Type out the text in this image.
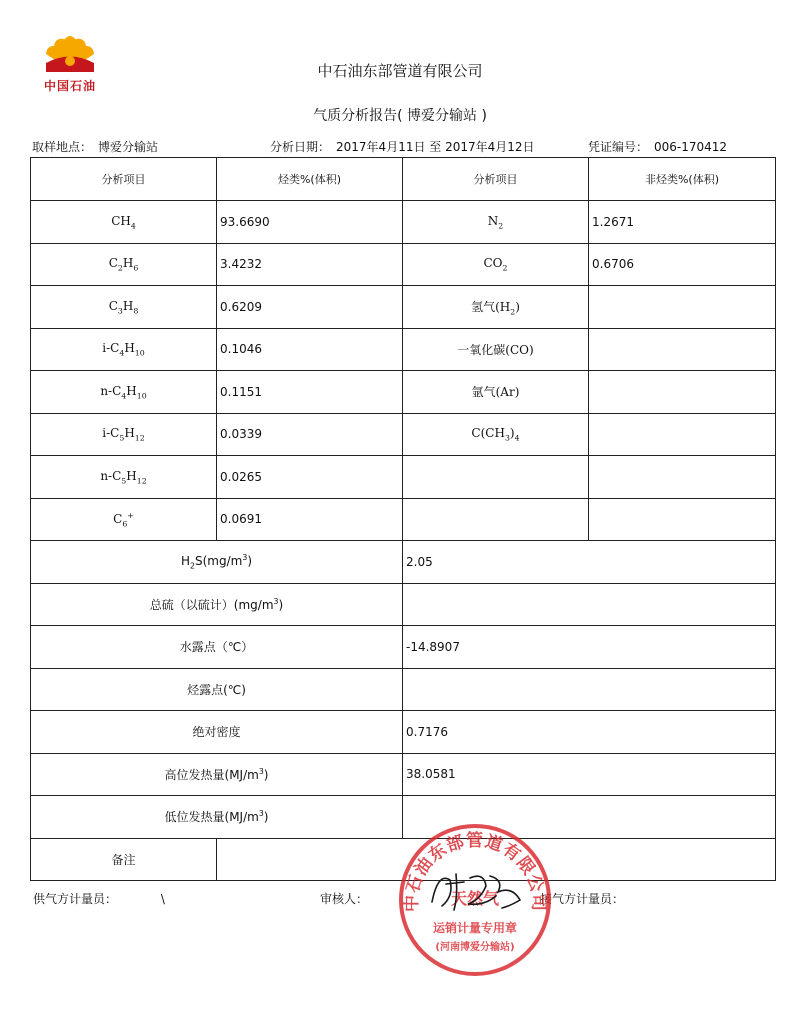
中国石油
中石油东部管道有限公司
气质分析报告( 博爱分输站 )
取样地点： 博爱分输站	分析日期： 2017年4月11日 至 2017年4月12日	凭证编号： 006-170412
分析项目	烃类%(体积)	分析项目	非烃类%(体积)
$CH_4$	93.6690	$N_2$	1.2671
$C_2H_6$	3.4232	$CO_2$	0.6706
$C_3H_8$	0.6209	氢气$(H_2)$	
$i-C_4H_{10}$	0.1046	一氧化碳(CO)	
$n-C_4H_{10}$	0.1151	氩气(Ar)	
$i-C_5H_{12}$	0.0339	$C(CH_3)_4$	
$n-C_5H_{12}$	0.0265		
$C_6^+$	0.0691		
$H_2S(mg/m^3)$		2.05	
总硫（以硫计）$(mg/m^3)$			
水露点（℃）		-14.8907	
烃露点(℃)			
绝对密度		0.7176	
高位发热量$(MJ/m^3)$		38.0581	
低位发热量$(MJ/m^3)$			
备注			
供气方计量员：	\	审核人：	接气方计量员：
中石油东部管道有限公司
天然气
运销计量专用章
(河南博爱分输站)
